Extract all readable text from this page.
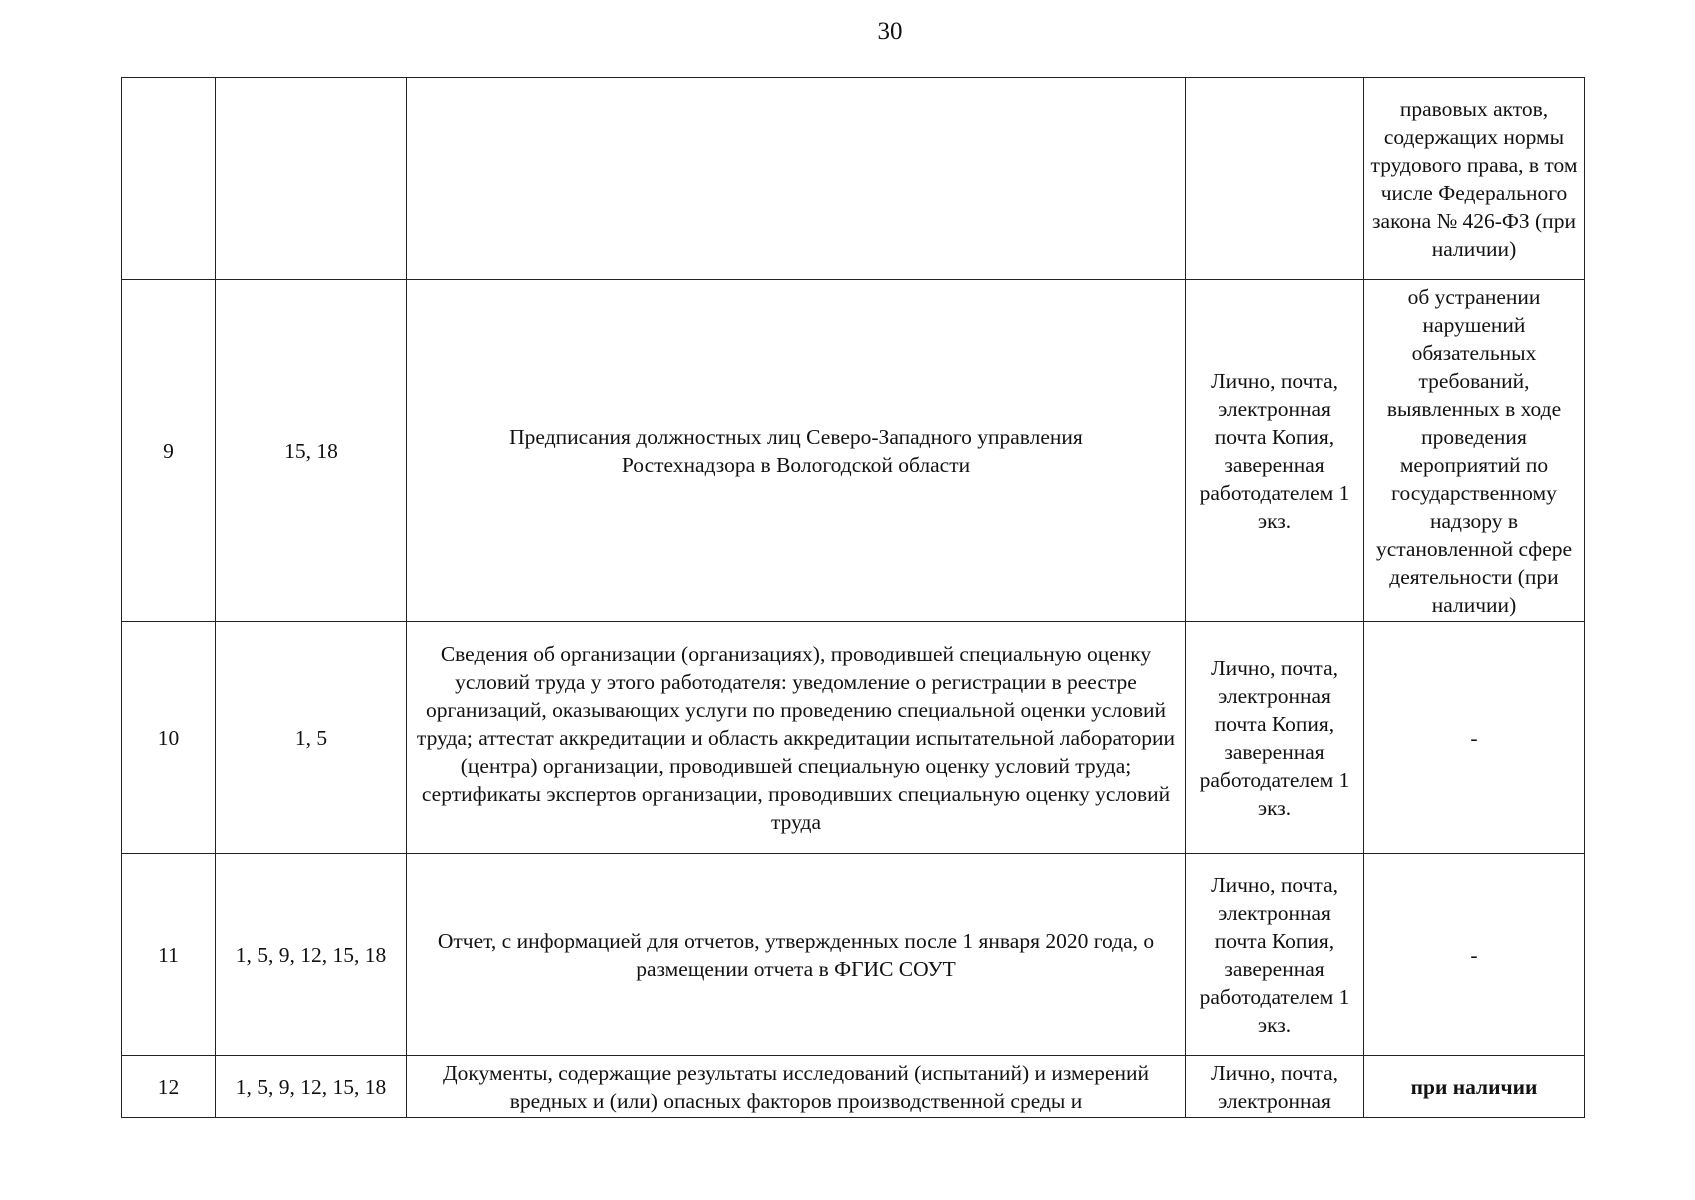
30
				правовых актов, содержащих нормы трудового права, в том числе Федерального закона № 426-ФЗ (при наличии)
9	15, 18	Предписания должностных лиц Северо-Западного управления Ростехнадзора в Вологодской области	Лично, почта, электронная почта Копия, заверенная работодателем 1 экз.	об устранении нарушений обязательных требований, выявленных в ходе проведения мероприятий по государственному надзору в установленной сфере деятельности (при наличии)
10	1, 5	Сведения об организации (организациях), проводившей специальную оценку условий труда у этого работодателя: уведомление о регистрации в реестре организаций, оказывающих услуги по проведению специальной оценки условий труда; аттестат аккредитации и область аккредитации испытательной лаборатории (центра) организации, проводившей специальную оценку условий труда; сертификаты экспертов организации, проводивших специальную оценку условий труда	Лично, почта, электронная почта Копия, заверенная работодателем 1 экз.	-
11	1, 5, 9, 12, 15, 18	Отчет, с информацией для отчетов, утвержденных после 1 января 2020 года, о размещении отчета в ФГИС СОУТ	Лично, почта, электронная почта Копия, заверенная работодателем 1 экз.	-
12	1, 5, 9, 12, 15, 18	Документы, содержащие результаты исследований (испытаний) и измерений вредных и (или) опасных факторов производственной среды и	Лично, почта, электронная	при наличии
